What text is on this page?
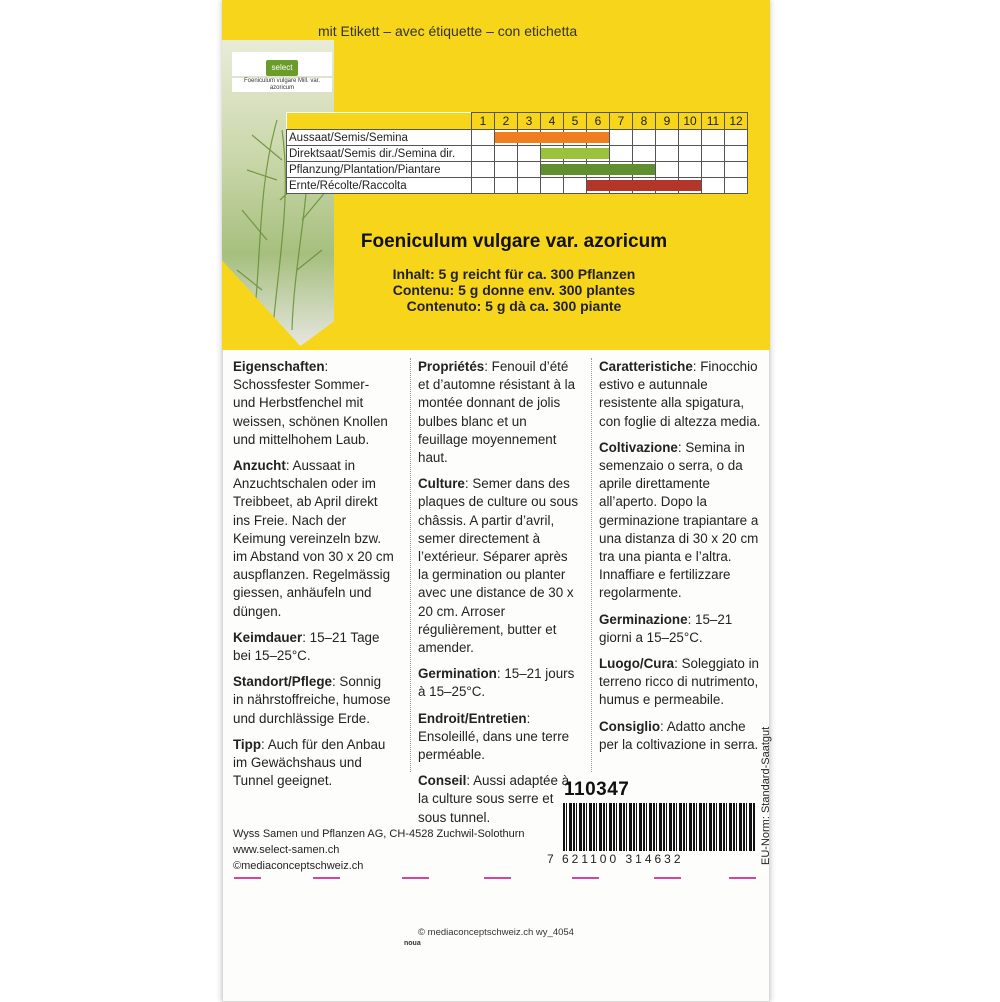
mit Etikett – avec étiquette – con etichetta
select
Foeniculum vulgare Mill. var. azoricum
	1	2	3	4	5	6	7	8	9	10	11	12
Aussaat/Semis/Semina		

Direktsaat/Semis dir./Semina dir.				

Pflanzung/Plantation/Piantare				

Ernte/Récolte/Raccolta						

Foeniculum vulgare var. azoricum
Inhalt: 5 g reicht für ca. 300 Pflanzen
Contenu: 5 g donne env. 300 plantes
Contenuto: 5 g dà ca. 300 piante

Eigenschaften: Schossfester Sommer- und Herbstfenchel mit weissen, schönen Knollen und mittelhohem Laub.

Anzucht: Aussaat in Anzuchtschalen oder im Treibbeet, ab April direkt ins Freie. Nach der Keimung vereinzeln bzw. im Abstand von 30 x 20 cm auspflanzen. Regelmässig giessen, anhäufeln und düngen.

Keimdauer: 15–21 Tage bei 15–25°C.

Standort/Pflege: Sonnig in nährstoffreiche, humose und durchlässige Erde.

Tipp: Auch für den Anbau im Gewächshaus und Tunnel geeignet.

Propriétés: Fenouil d’été et d’automne résistant à la montée donnant de jolis bulbes blanc et un feuillage moyennement haut.

Culture: Semer dans des plaques de culture ou sous châssis. A partir d’avril, semer directement à l’extérieur. Séparer après la germination ou planter avec une distance de 30 x 20 cm. Arroser régulièrement, butter et amender.

Germination: 15–21 jours à 15–25°C.

Endroit/Entretien: Ensoleillé, dans une terre perméable.

Conseil: Aussi adaptée à la culture sous serre et sous tunnel.

Caratteristiche: Finocchio estivo e autunnale resistente alla spigatura, con foglie di altezza media.

Coltivazione: Semina in semenzaio o serra, o da aprile direttamente all’aperto. Dopo la germinazione trapiantare a una distanza di 30 x 20 cm tra una pianta e l’altra. Innaffiare e fertilizzare regolarmente.

Germinazione: 15–21 giorni a 15–25°C.

Luogo/Cura: Soleggiato in terreno ricco di nutrimento, humus e permeabile.

Consiglio: Adatto anche per la coltivazione in serra.

110347
7 621100 314632	EU-Norm: Standard-Saatgut
Wyss Samen und Pflanzen AG, CH-4528 Zuchwil-Solothurn
www.select-samen.ch
©mediaconceptschweiz.ch
© mediaconceptschweiz.ch wy_4054
noua
